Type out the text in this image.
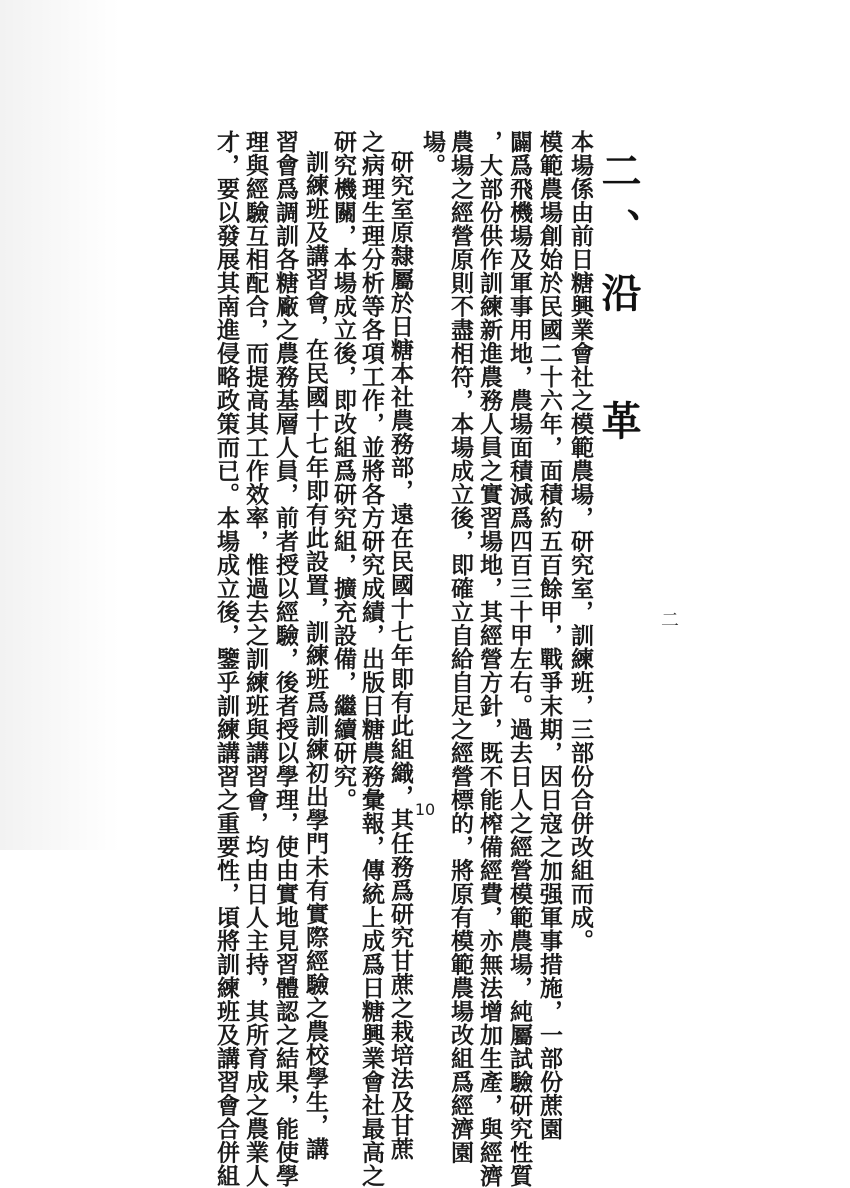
二、沿革
本場係由前日糖興業會社之模範農場，研究室，訓練班，三部份合併改組而成。
模範農場創始於民國二十六年，面積約五百餘甲，戰爭末期，因日寇之加强軍事措施，一部份蔗園
闢爲飛機場及軍事用地，農場面積減爲四百三十甲左右。過去日人之經營模範農場，純屬試驗研究性質
，大部份供作訓練新進農務人員之實習場地，其經營方針，既不能榨備經費，亦無法增加生產，與經濟
農場之經營原則不盡相符，本場成立後，即確立自給自足之經營標的，將原有模範農場改組爲經濟園
場。
研究室原隸屬於日糖本社農務部，遠在民國十七年即有此組織，其任務爲研究甘蔗之栽培法及甘蔗
之病理生理分析等各項工作，並將各方研究成績，出版日糖農務彙報，傳統上成爲日糖興業會社最高之
研究機關，本場成立後，即改組爲研究組，擴充設備，繼續研究。
訓練班及講習會，在民國十七年即有此設置，訓練班爲訓練初出學門未有實際經驗之農校學生，講
習會爲調訓各糖廠之農務基層人員，前者授以經驗，後者授以學理，使由實地見習體認之結果，能使學
理與經驗互相配合，而提高其工作效率，惟過去之訓練班與講習會，均由日人主持，其所育成之農業人
才，要以發展其南進侵略政策而已。本場成立後，鑒乎訓練講習之重要性，頃將訓練班及講習會合併組	二
10
